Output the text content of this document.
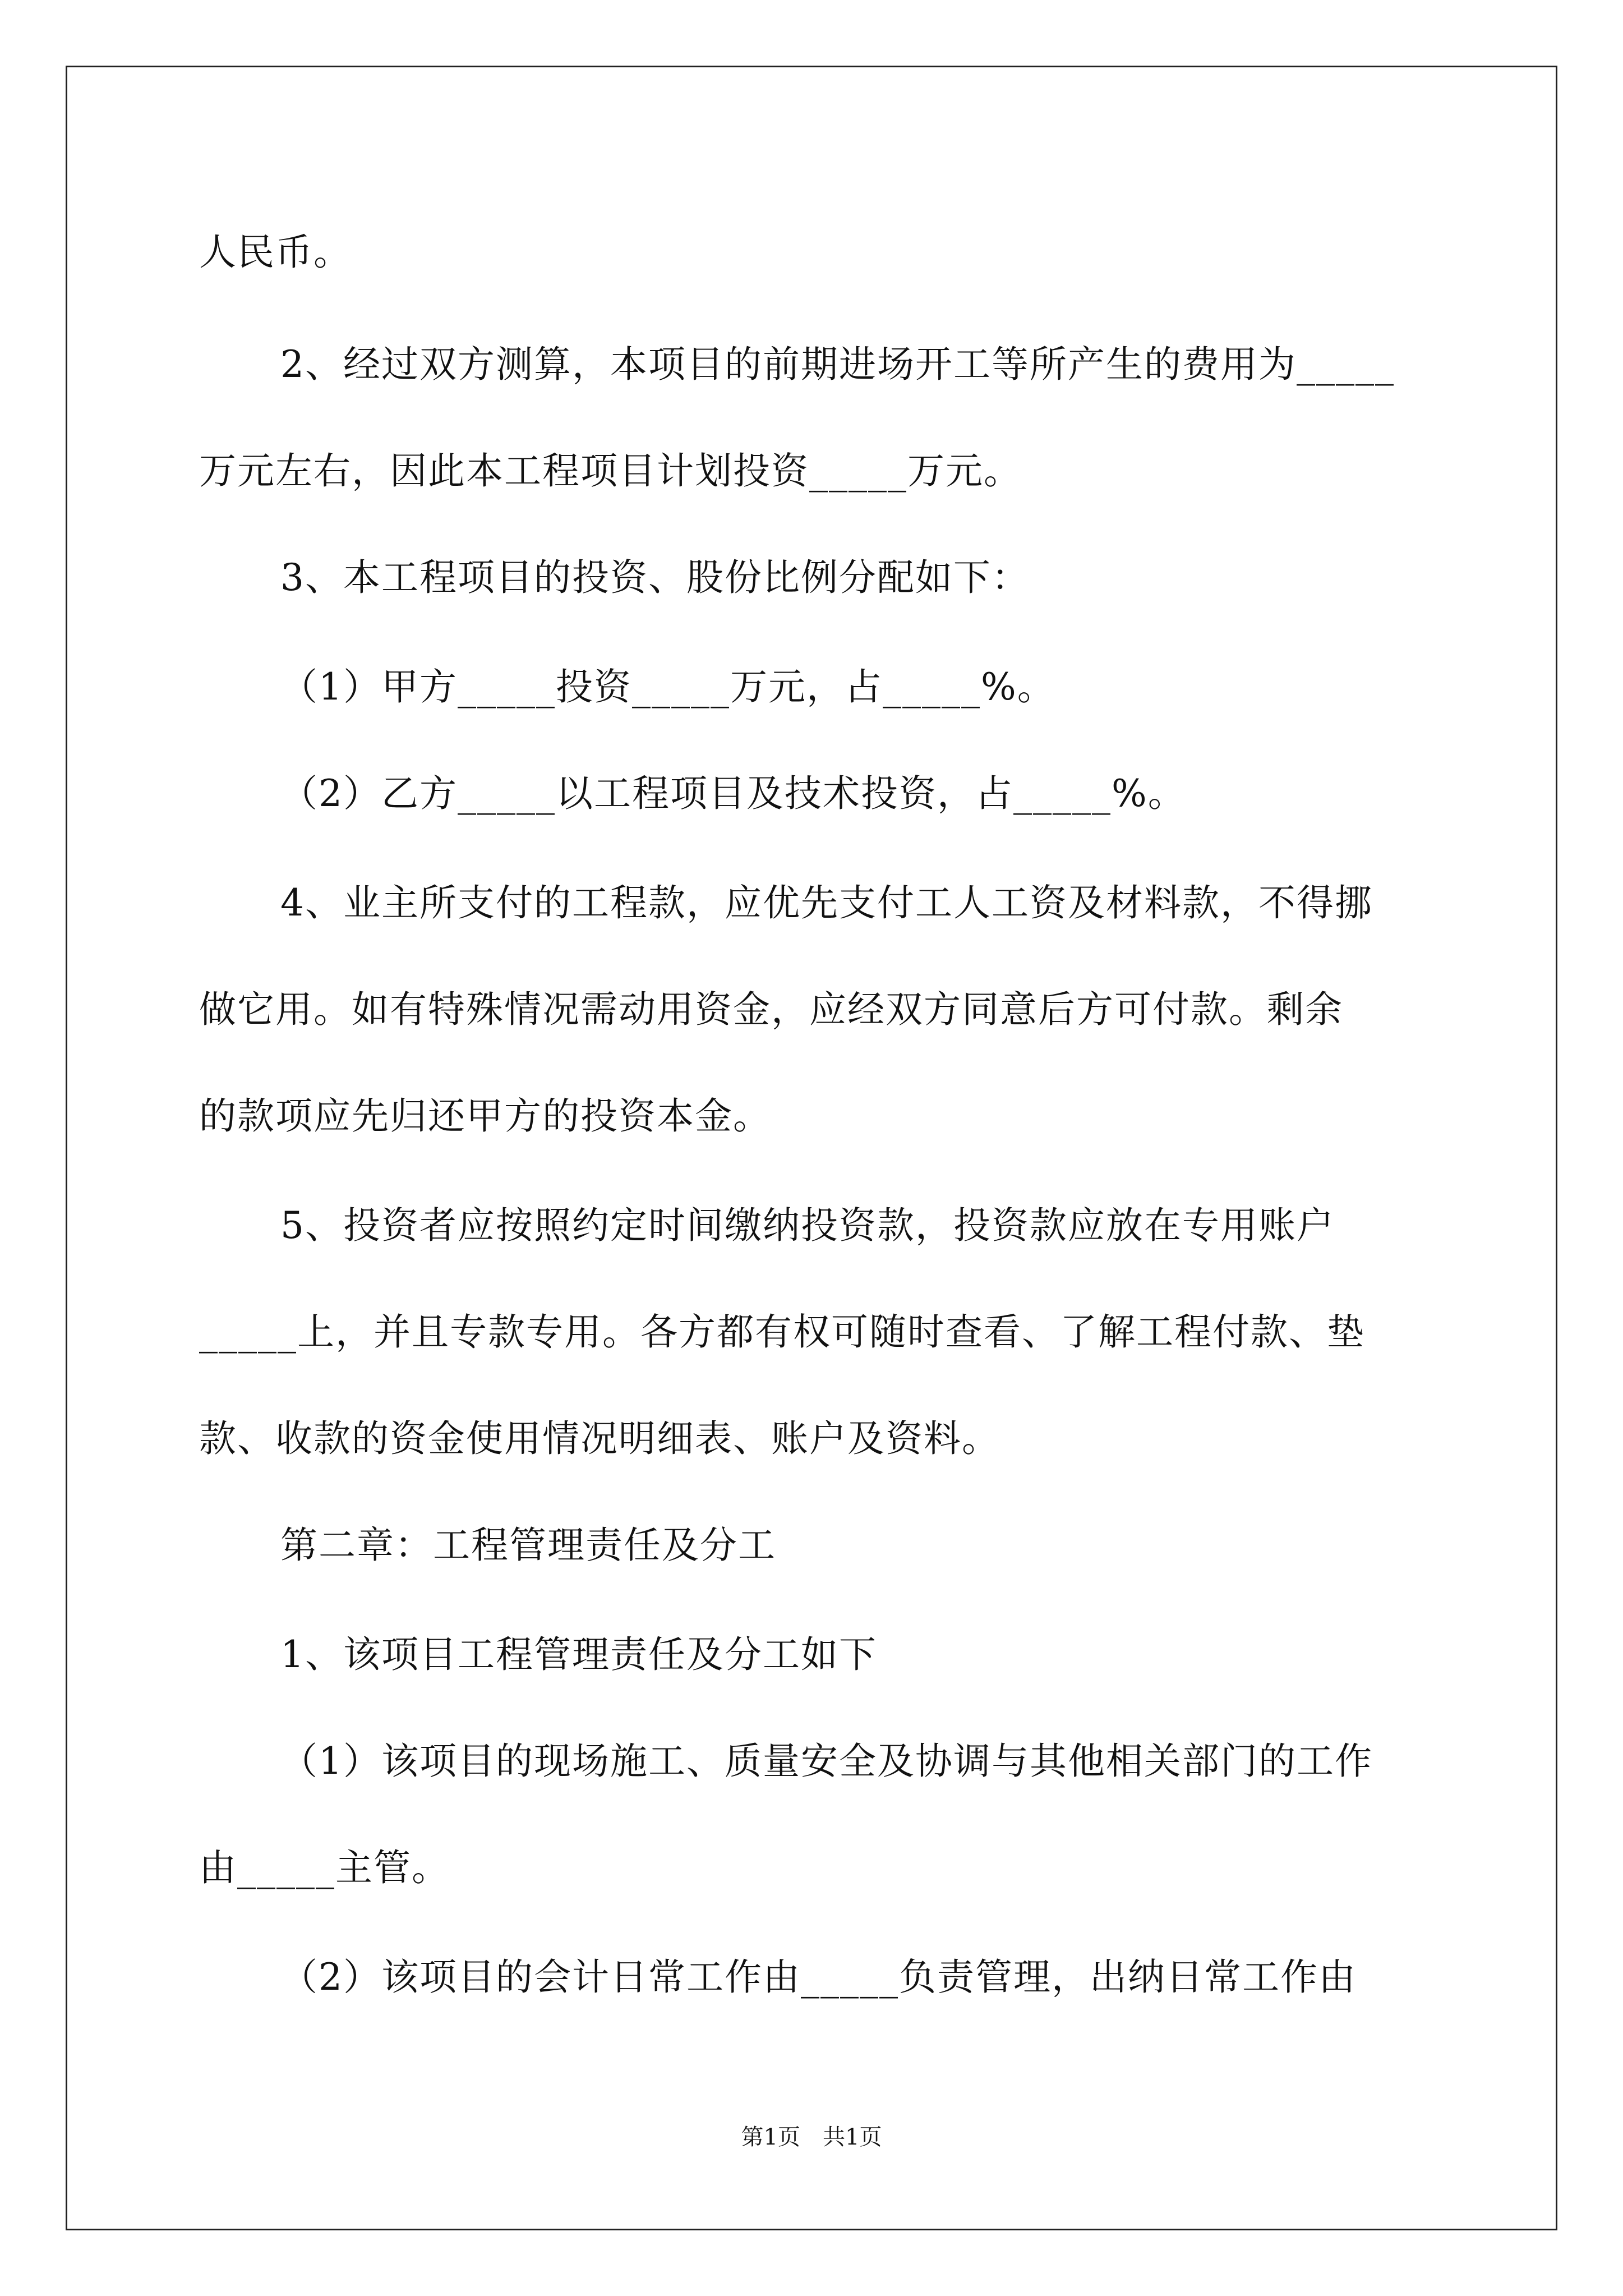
人民币。
2、经过双方测算，本项目的前期进场开工等所产生的费用为_____
万元左右，因此本工程项目计划投资_____万元。
3、本工程项目的投资、股份比例分配如下：
（1）甲方_____投资_____万元，占_____%。
（2）乙方_____以工程项目及技术投资，占_____%。
4、业主所支付的工程款，应优先支付工人工资及材料款，不得挪
做它用。如有特殊情况需动用资金，应经双方同意后方可付款。剩余
的款项应先归还甲方的投资本金。
5、投资者应按照约定时间缴纳投资款，投资款应放在专用账户
_____上，并且专款专用。各方都有权可随时查看、了解工程付款、垫
款、收款的资金使用情况明细表、账户及资料。
第二章：工程管理责任及分工
1、该项目工程管理责任及分工如下
（1）该项目的现场施工、质量安全及协调与其他相关部门的工作
由_____主管。
（2）该项目的会计日常工作由_____负责管理，出纳日常工作由
第1页　共1页
